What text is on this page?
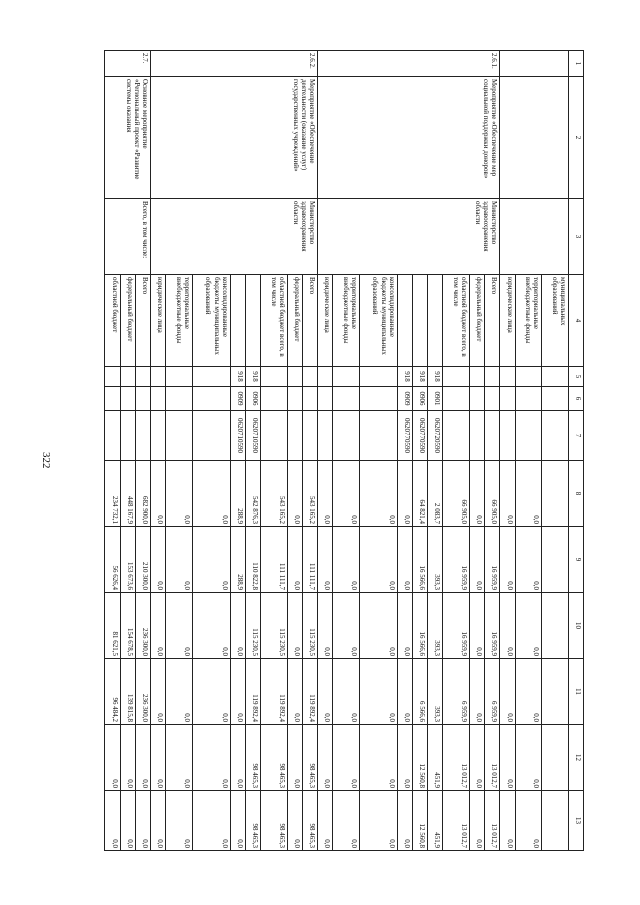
322
1	2	3	4	5	6	7	8	9	10	11	12	13
			муниципальных образований									
			территориальные внебюджетные фонды				0,0	0,0	0,0	0,0	0,0	0,0
			юридические лица				0,0	0,0	0,0	0,0	0,0	0,0
2.6.1.	Мероприятие «Обеспечение мер социальной поддержки доноров»	Министерство здравоохранения области	Всего				66 905,0	16 959,9	16 959,9	6 959,9	13 012,7	13 012,7
			федеральный бюджет				0,0	0,0	0,0	0,0	0,0	0,0
			областной бюджет всего, в том числе				66 905,0	16 959,9	16 959,9	6 959,9	13 012,7	13 012,7
				918	0901	0620720590	2 083,7	393,3	393,3	393,3	451,9	451,9
				918	0906	0620770590	64 821,4	16 566,6	16 566,6	6 566,6	12 560,8	12 560,8
				918	0909	0620770590	0,0	0,0	0,0	0,0	0,0	0,0
			консолидированные бюджеты муниципальных образований				0,0	0,0	0,0	0,0	0,0	0,0
			территориальные внебюджетные фонды				0,0	0,0	0,0	0,0	0,0	0,0
			юридические лица				0,0	0,0	0,0	0,0	0,0	0,0
2.6.2.	Мероприятие «Обеспечение деятельности (оказание услуг) государственных учреждений»	Министерство здравоохранения области	Всего				543 165,2	111 111,7	115 230,5	119 892,4	98 465,3	98 465,3
			федеральный бюджет				0,0	0,0	0,0	0,0	0,0	0,0
			областной бюджет всего, в том числе				543 165,2	111 111,7	115 230,5	119 892,4	98 465,3	98 465,3
				918	0906	0620710590	542 876,3	110 822,8	115 230,5	119 892,4	98 465,3	98 465,3
				918	0909	0620710590	288,9	288,9	0,0	0,0	0,0	0,0
			консолидированные бюджеты муниципальных образований				0,0	0,0	0,0	0,0	0,0	0,0
			территориальные внебюджетные фонды				0,0	0,0	0,0	0,0	0,0	0,0
			юридические лица				0,0	0,0	0,0	0,0	0,0	0,0
2.7.	Основное мероприятие «Региональный проект «Развитие системы оказания	Всего, в том числе:	Всего				682 900,0	210 300,0	236 300,0	236 300,0	0,0	0,0
			федеральный бюджет				448 167,9	153 673,6	154 678,5	139 815,8	0,0	0,0
			областной бюджет				234 732,1	56 626,4	81 621,5	96 484,2	0,0	0,0
